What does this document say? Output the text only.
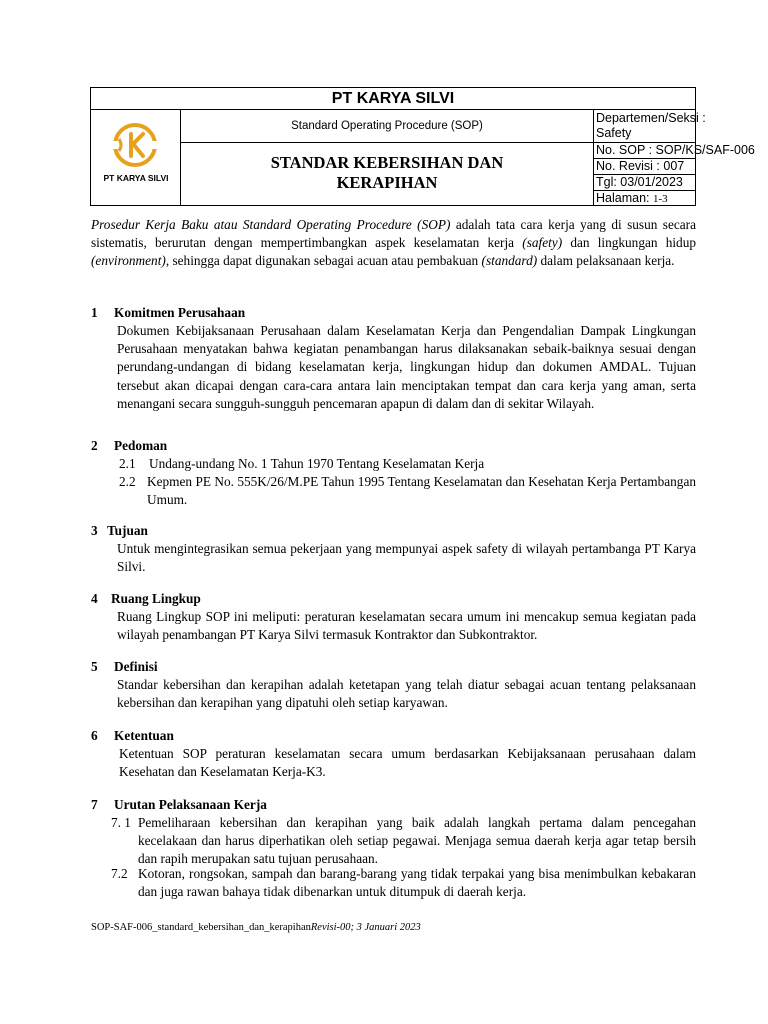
PT KARYA SILVI
PT KARYA SILVI
Standard Operating Procedure (SOP)
STANDAR KEBERSIHAN DAN
KERAPIHAN
Departemen/Seksi :
Safety
No. SOP : SOP/KS/SAF-006
No. Revisi : 007
Tgl: 03/01/2023
Halaman: 1-3
Prosedur Kerja Baku atau Standard Operating Procedure (SOP) adalah tata cara kerja yang di susun secara sistematis, berurutan dengan mempertimbangkan aspek keselamatan kerja (safety) dan lingkungan hidup (environment), sehingga dapat digunakan sebagai acuan atau pembakuan (standard) dalam pelaksanaan kerja.
1 Komitmen Perusahaan
Dokumen Kebijaksanaan Perusahaan dalam Keselamatan Kerja dan Pengendalian Dampak Lingkungan Perusahaan menyatakan bahwa kegiatan penambangan harus dilaksanakan sebaik-baiknya sesuai dengan perundang-undangan di bidang keselamatan kerja, lingkungan hidup dan dokumen AMDAL. Tujuan tersebut akan dicapai dengan cara-cara antara lain menciptakan tempat dan cara kerja yang aman, serta menangani secara sungguh-sungguh pencemaran apapun di dalam dan di sekitar Wilayah.
2 Pedoman
2.1 Undang-undang No. 1 Tahun 1970 Tentang Keselamatan Kerja
2.2 Kepmen PE No. 555K/26/M.PE Tahun 1995 Tentang Keselamatan dan Kesehatan Kerja Pertambangan Umum.
3 Tujuan
Untuk mengintegrasikan semua pekerjaan yang mempunyai aspek safety di wilayah pertambanga PT Karya Silvi.
4 Ruang Lingkup
Ruang Lingkup SOP ini meliputi: peraturan keselamatan secara umum ini mencakup semua kegiatan pada wilayah penambangan PT Karya Silvi termasuk Kontraktor dan Subkontraktor.
5 Definisi
Standar kebersihan dan kerapihan adalah ketetapan yang telah diatur sebagai acuan tentang pelaksanaan kebersihan dan kerapihan yang dipatuhi oleh setiap karyawan.
6 Ketentuan
Ketentuan SOP peraturan keselamatan secara umum berdasarkan Kebijaksanaan perusahaan dalam Kesehatan dan Keselamatan Kerja-K3.
7 Urutan Pelaksanaan Kerja
7. 1 Pemeliharaan kebersihan dan kerapihan yang baik adalah langkah pertama dalam pencegahan kecelakaan dan harus diperhatikan oleh setiap pegawai. Menjaga semua daerah kerja agar tetap bersih dan rapih merupakan satu tujuan perusahaan.
7.2 Kotoran, rongsokan, sampah dan barang-barang yang tidak terpakai yang bisa menimbulkan kebakaran dan juga rawan bahaya tidak dibenarkan untuk ditumpuk di daerah kerja.
SOP-SAF-006_standard_kebersihan_dan_kerapihanRevisi-00; 3 Januari 2023
